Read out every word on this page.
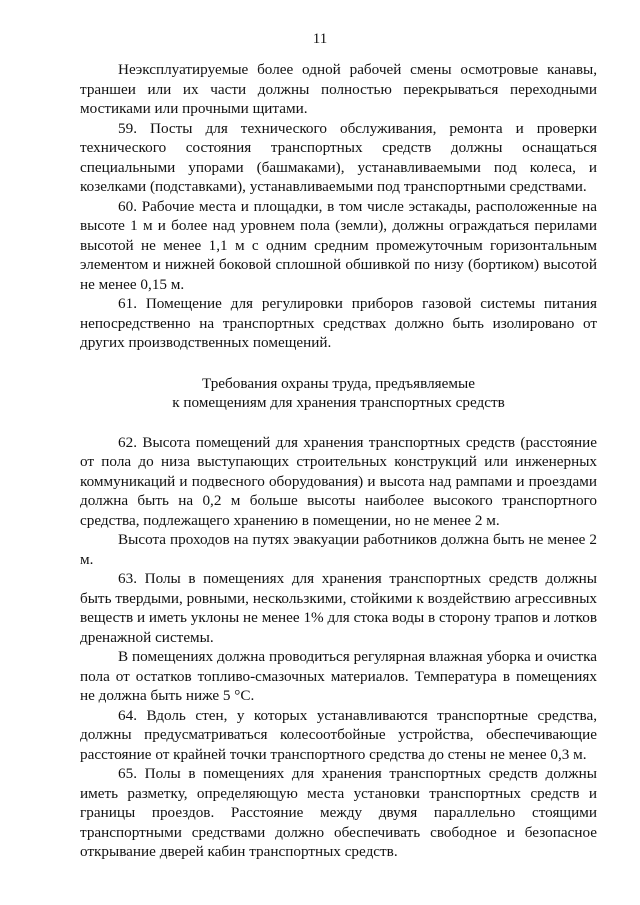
11

Неэксплуатируемые более одной рабочей смены осмотровые канавы, траншеи или их части должны полностью перекрываться переходными мостиками или прочными щитами.

59. Посты для технического обслуживания, ремонта и проверки технического состояния транспортных средств должны оснащаться специальными упорами (башмаками), устанавливаемыми под колеса, и козелками (подставками), устанавливаемыми под транспортными средствами.

60. Рабочие места и площадки, в том числе эстакады, расположенные на высоте 1 м и более над уровнем пола (земли), должны ограждаться перилами высотой не менее 1,1 м с одним средним промежуточным горизонтальным элементом и нижней боковой сплошной обшивкой по низу (бортиком) высотой не менее 0,15 м.

61. Помещение для регулировки приборов газовой системы питания непосредственно на транспортных средствах должно быть изолировано от других производственных помещений.

Требования охраны труда, предъявляемые
к помещениям для хранения транспортных средств

62. Высота помещений для хранения транспортных средств (расстояние от пола до низа выступающих строительных конструкций или инженерных коммуникаций и подвесного оборудования) и высота над рампами и проездами должна быть на 0,2 м больше высоты наиболее высокого транспортного средства, подлежащего хранению в помещении, но не менее 2 м.

Высота проходов на путях эвакуации работников должна быть не менее 2 м.

63. Полы в помещениях для хранения транспортных средств должны быть твердыми, ровными, нескользкими, стойкими к воздействию агрессивных веществ и иметь уклоны не менее 1% для стока воды в сторону трапов и лотков дренажной системы.

В помещениях должна проводиться регулярная влажная уборка и очистка пола от остатков топливо-смазочных материалов. Температура в помещениях не должна быть ниже 5 °С.

64. Вдоль стен, у которых устанавливаются транспортные средства, должны предусматриваться колесоотбойные устройства, обеспечивающие расстояние от крайней точки транспортного средства до стены не менее 0,3 м.

65. Полы в помещениях для хранения транспортных средств должны иметь разметку, определяющую места установки транспортных средств и границы проездов. Расстояние между двумя параллельно стоящими транспортными средствами должно обеспечивать свободное и безопасное открывание дверей кабин транспортных средств.
